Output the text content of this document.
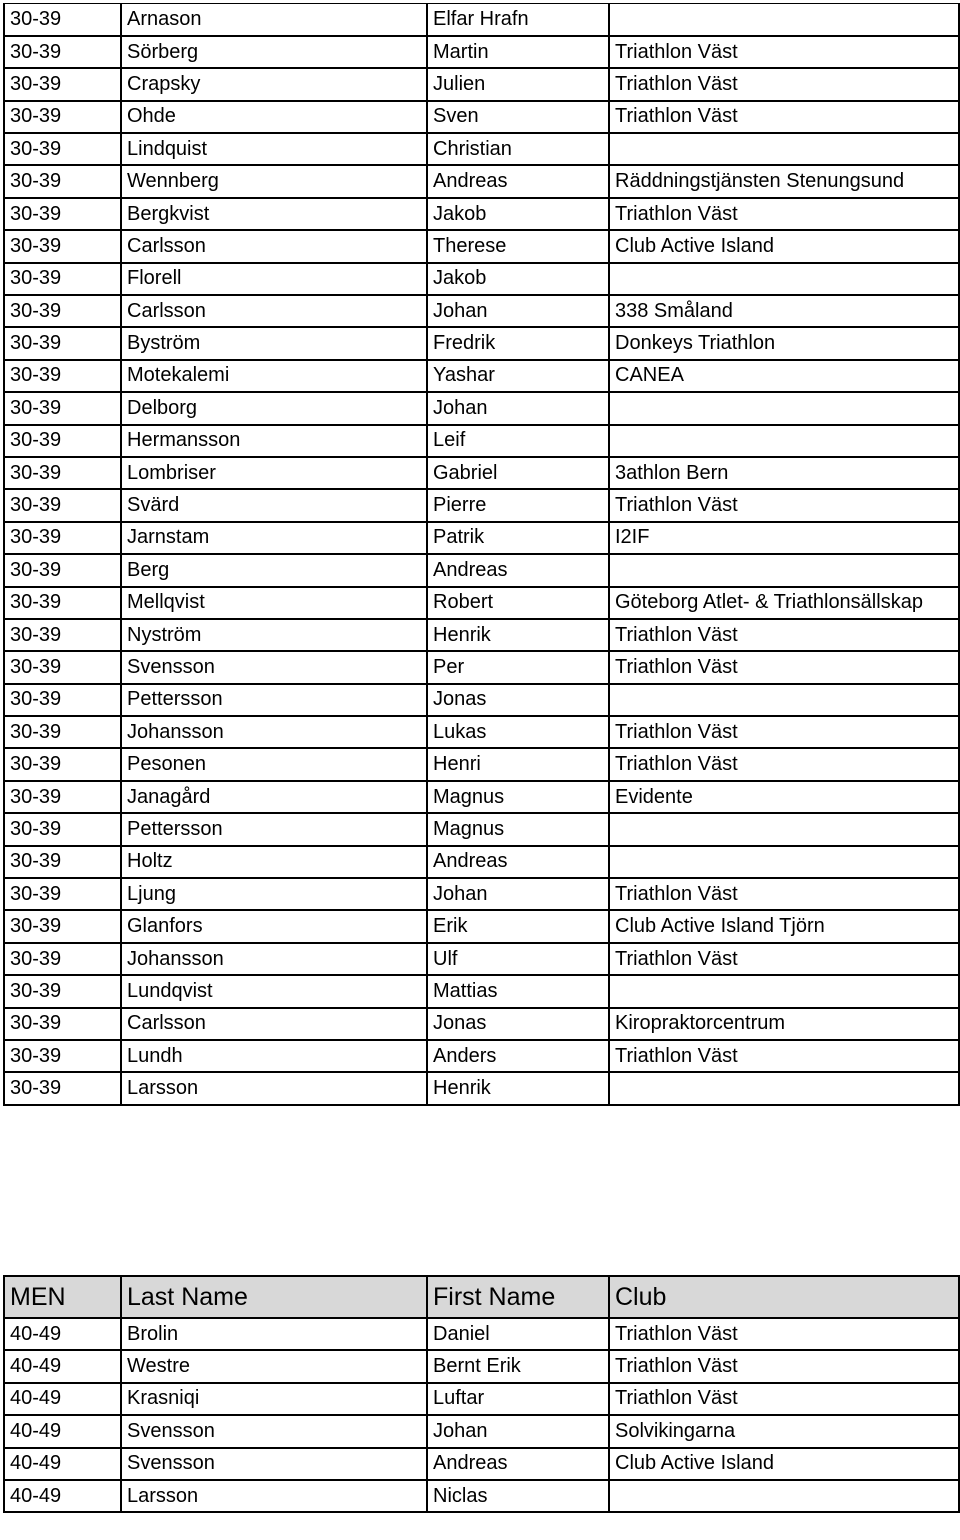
30-39	Arnason	Elfar Hrafn	
30-39	Sörberg	Martin	Triathlon Väst
30-39	Crapsky	Julien	Triathlon Väst
30-39	Ohde	Sven	Triathlon Väst
30-39	Lindquist	Christian	
30-39	Wennberg	Andreas	Räddningstjänsten Stenungsund
30-39	Bergkvist	Jakob	Triathlon Väst
30-39	Carlsson	Therese	Club Active Island
30-39	Florell	Jakob	
30-39	Carlsson	Johan	338 Småland
30-39	Byström	Fredrik	Donkeys Triathlon
30-39	Motekalemi	Yashar	CANEA
30-39	Delborg	Johan	
30-39	Hermansson	Leif	
30-39	Lombriser	Gabriel	3athlon Bern
30-39	Svärd	Pierre	Triathlon Väst
30-39	Jarnstam	Patrik	I2IF
30-39	Berg	Andreas	
30-39	Mellqvist	Robert	Göteborg Atlet- & Triathlonsällskap
30-39	Nyström	Henrik	Triathlon Väst
30-39	Svensson	Per	Triathlon Väst
30-39	Pettersson	Jonas	
30-39	Johansson	Lukas	Triathlon Väst
30-39	Pesonen	Henri	Triathlon Väst
30-39	Janagård	Magnus	Evidente
30-39	Pettersson	Magnus	
30-39	Holtz	Andreas	
30-39	Ljung	Johan	Triathlon Väst
30-39	Glanfors	Erik	Club Active Island Tjörn
30-39	Johansson	Ulf	Triathlon Väst
30-39	Lundqvist	Mattias	
30-39	Carlsson	Jonas	Kiropraktorcentrum
30-39	Lundh	Anders	Triathlon Väst
30-39	Larsson	Henrik	
MEN	Last Name	First Name	Club
40-49	Brolin	Daniel	Triathlon Väst
40-49	Westre	Bernt Erik	Triathlon Väst
40-49	Krasniqi	Luftar	Triathlon Väst
40-49	Svensson	Johan	Solvikingarna
40-49	Svensson	Andreas	Club Active Island
40-49	Larsson	Niclas	
